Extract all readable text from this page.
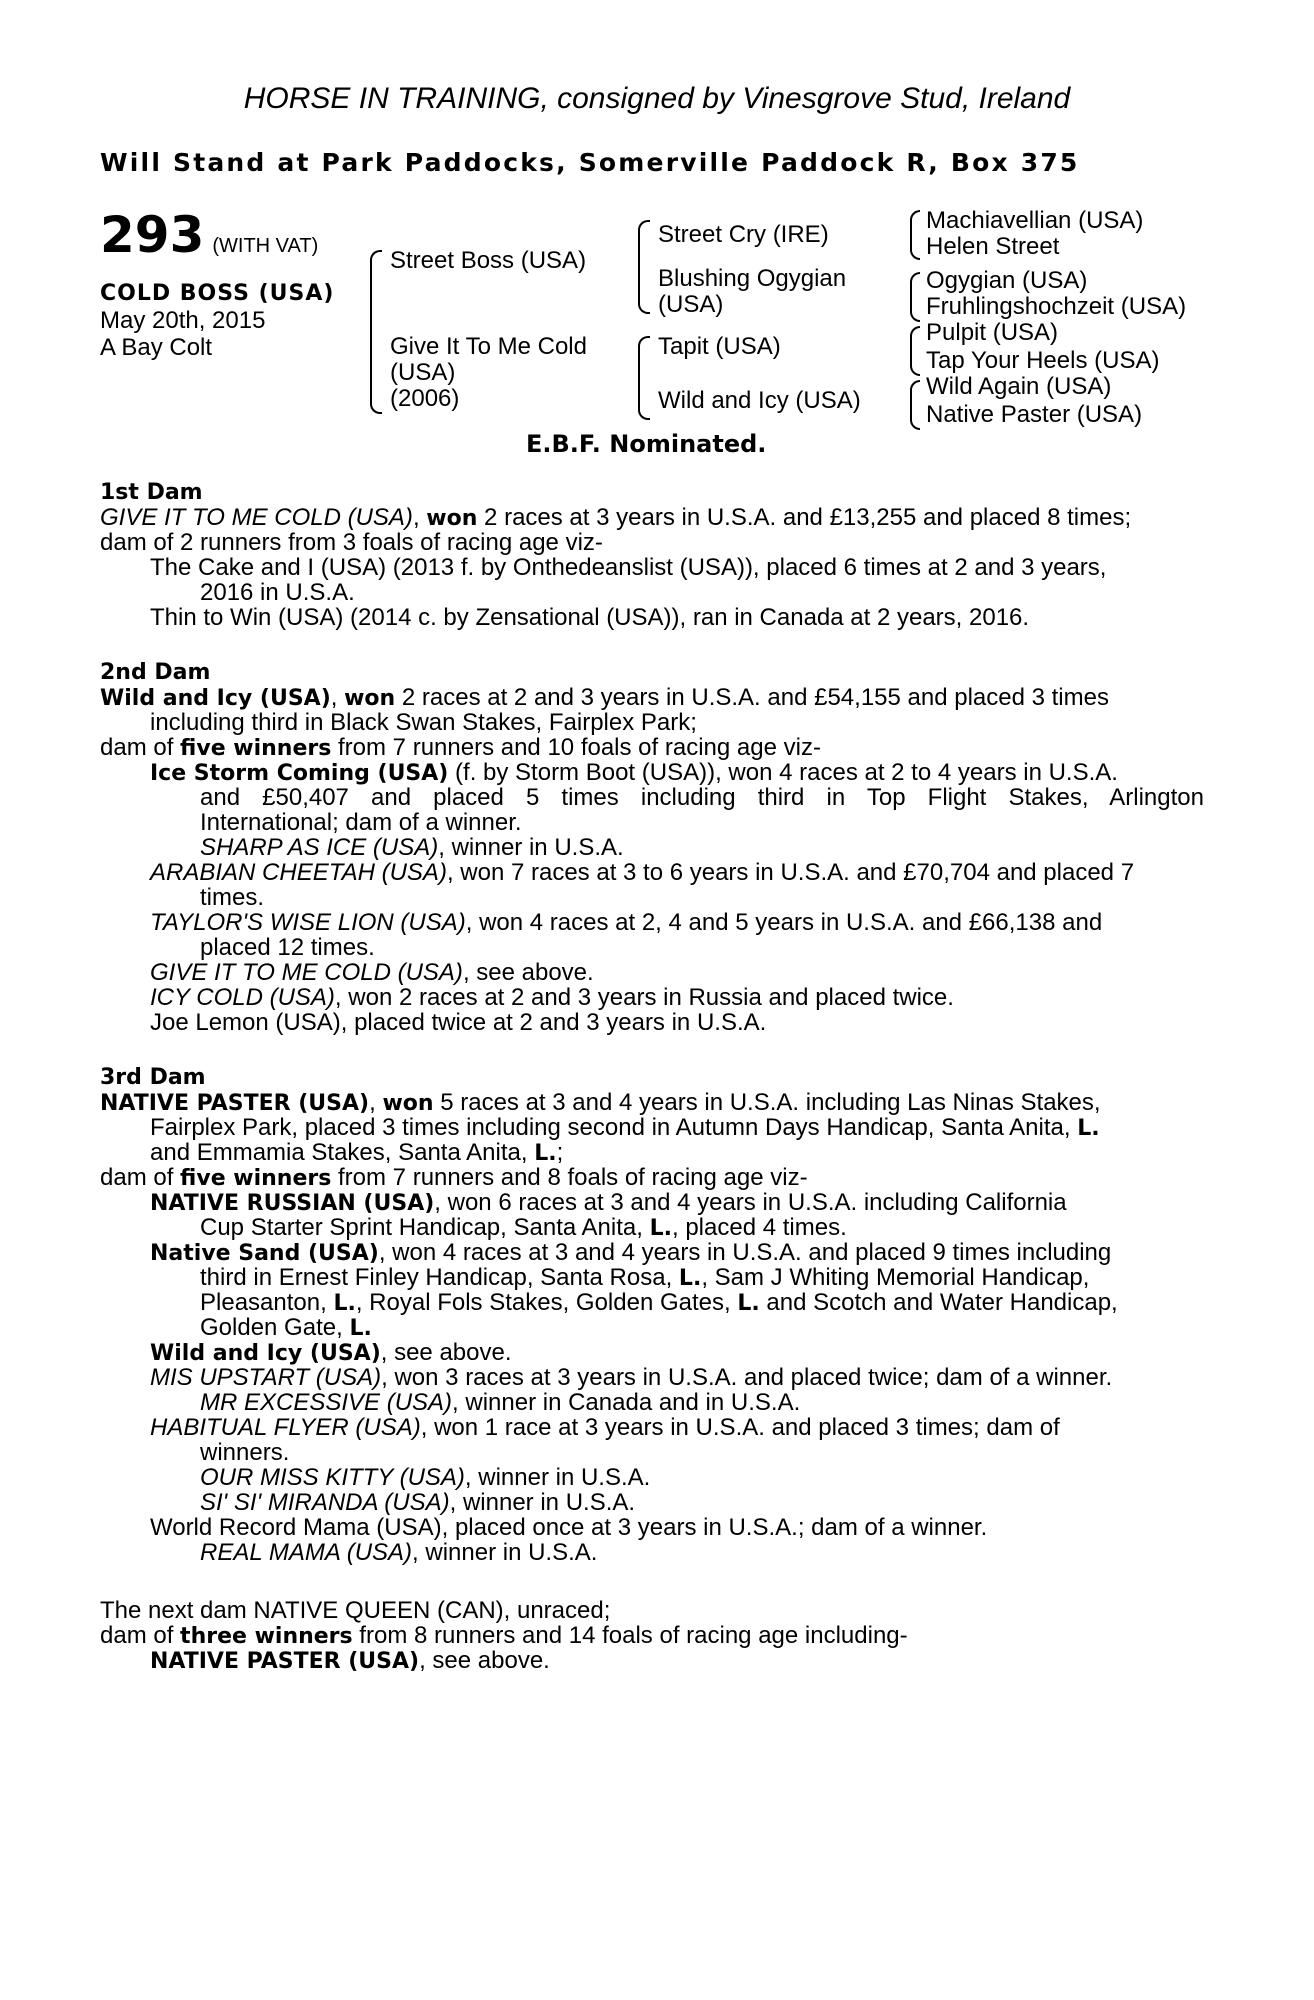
HORSE IN TRAINING, consigned by Vinesgrove Stud, Ireland
Will Stand at Park Paddocks, Somerville Paddock R, Box 375
293 (WITH VAT)
COLD BOSS (USA)
May 20th, 2015
A Bay Colt
Street Boss (USA)
Give It To Me Cold
(USA)
(2006)
Street Cry (IRE)
Blushing Ogygian
(USA)
Tapit (USA)
Wild and Icy (USA)
Machiavellian (USA)
Helen Street
Ogygian (USA)
Fruhlingshochzeit (USA)
Pulpit (USA)
Tap Your Heels (USA)
Wild Again (USA)
Native Paster (USA)
E.B.F. Nominated.
1st Dam
GIVE IT TO ME COLD (USA), won 2 races at 3 years in U.S.A. and £13,255 and placed 8 times;
dam of 2 runners from 3 foals of racing age viz-
The Cake and I (USA) (2013 f. by Onthedeanslist (USA)), placed 6 times at 2 and 3 years,
2016 in U.S.A.
Thin to Win (USA) (2014 c. by Zensational (USA)), ran in Canada at 2 years, 2016.
2nd Dam
Wild and Icy (USA), won 2 races at 2 and 3 years in U.S.A. and £54,155 and placed 3 times
including third in Black Swan Stakes, Fairplex Park;
dam of five winners from 7 runners and 10 foals of racing age viz-
Ice Storm Coming (USA) (f. by Storm Boot (USA)), won 4 races at 2 to 4 years in U.S.A.
and £50,407 and placed 5 times including third in Top Flight Stakes, Arlington
International; dam of a winner.
SHARP AS ICE (USA), winner in U.S.A.
ARABIAN CHEETAH (USA), won 7 races at 3 to 6 years in U.S.A. and £70,704 and placed 7
times.
TAYLOR'S WISE LION (USA), won 4 races at 2, 4 and 5 years in U.S.A. and £66,138 and
placed 12 times.
GIVE IT TO ME COLD (USA), see above.
ICY COLD (USA), won 2 races at 2 and 3 years in Russia and placed twice.
Joe Lemon (USA), placed twice at 2 and 3 years in U.S.A.
3rd Dam
NATIVE PASTER (USA), won 5 races at 3 and 4 years in U.S.A. including Las Ninas Stakes,
Fairplex Park, placed 3 times including second in Autumn Days Handicap, Santa Anita, L.
and Emmamia Stakes, Santa Anita, L.;
dam of five winners from 7 runners and 8 foals of racing age viz-
NATIVE RUSSIAN (USA), won 6 races at 3 and 4 years in U.S.A. including California
Cup Starter Sprint Handicap, Santa Anita, L., placed 4 times.
Native Sand (USA), won 4 races at 3 and 4 years in U.S.A. and placed 9 times including
third in Ernest Finley Handicap, Santa Rosa, L., Sam J Whiting Memorial Handicap,
Pleasanton, L., Royal Fols Stakes, Golden Gates, L. and Scotch and Water Handicap,
Golden Gate, L.
Wild and Icy (USA), see above.
MIS UPSTART (USA), won 3 races at 3 years in U.S.A. and placed twice; dam of a winner.
MR EXCESSIVE (USA), winner in Canada and in U.S.A.
HABITUAL FLYER (USA), won 1 race at 3 years in U.S.A. and placed 3 times; dam of
winners.
OUR MISS KITTY (USA), winner in U.S.A.
SI' SI' MIRANDA (USA), winner in U.S.A.
World Record Mama (USA), placed once at 3 years in U.S.A.; dam of a winner.
REAL MAMA (USA), winner in U.S.A.
The next dam NATIVE QUEEN (CAN), unraced;
dam of three winners from 8 runners and 14 foals of racing age including-
NATIVE PASTER (USA), see above.
